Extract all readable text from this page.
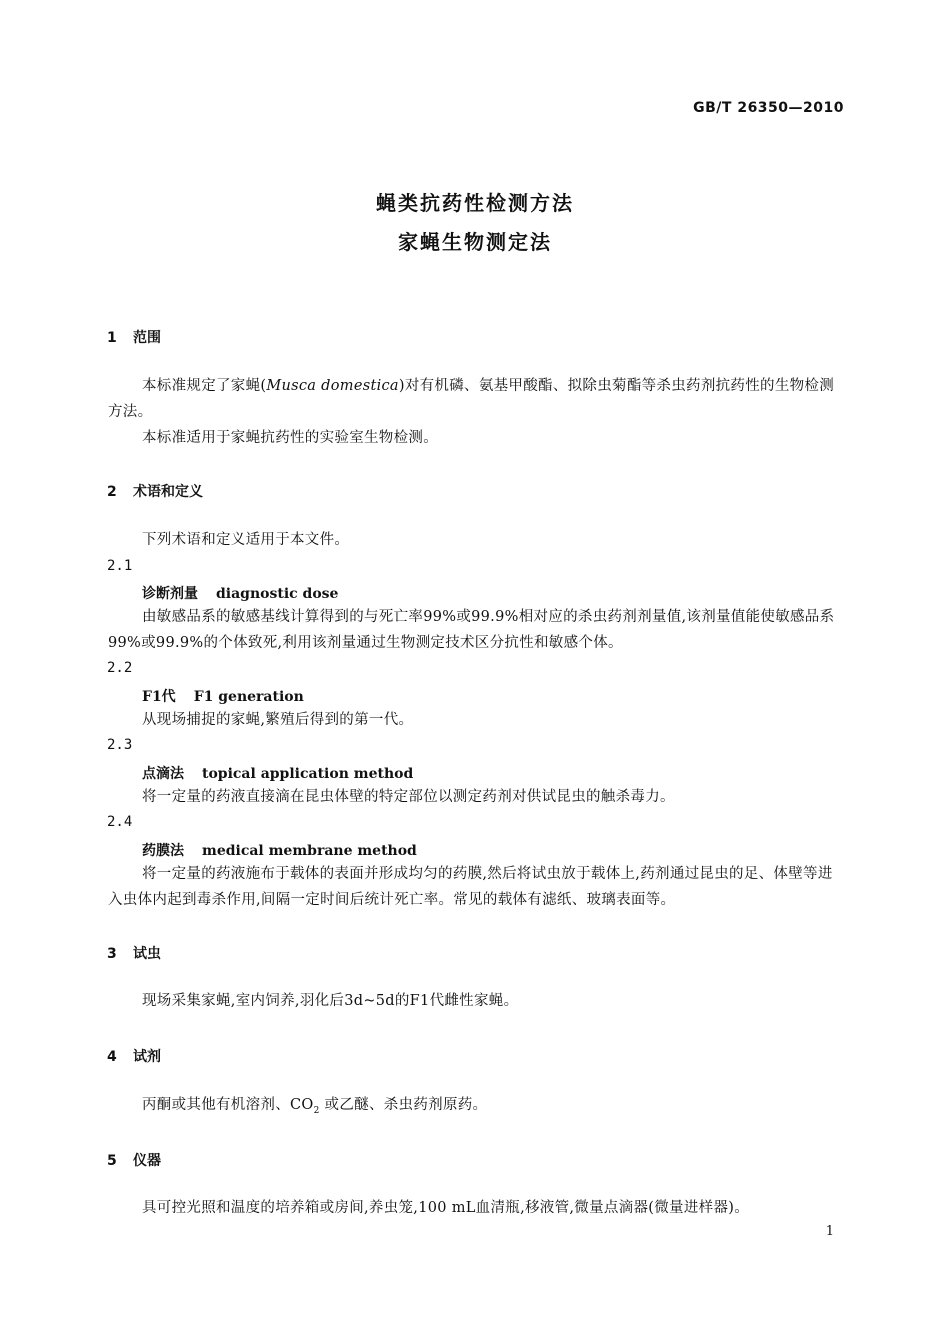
GB/T 26350—2010
蝇类抗药性检测方法
家蝇生物测定法
1 范围
本标准规定了家蝇(Musca domestica)对有机磷、氨基甲酸酯、拟除虫菊酯等杀虫药剂抗药性的生物检测方法。
本标准适用于家蝇抗药性的实验室生物检测。
2 术语和定义
下列术语和定义适用于本文件。
2.1
诊断剂量 diagnostic dose
由敏感品系的敏感基线计算得到的与死亡率99%或99.9%相对应的杀虫药剂剂量值,该剂量值能使敏感品系99%或99.9%的个体致死,利用该剂量通过生物测定技术区分抗性和敏感个体。
2.2
F1代 F1 generation
从现场捕捉的家蝇,繁殖后得到的第一代。
2.3
点滴法 topical application method
将一定量的药液直接滴在昆虫体壁的特定部位以测定药剂对供试昆虫的触杀毒力。
2.4
药膜法 medical membrane method
将一定量的药液施布于载体的表面并形成均匀的药膜,然后将试虫放于载体上,药剂通过昆虫的足、体壁等进入虫体内起到毒杀作用,间隔一定时间后统计死亡率。常见的载体有滤纸、玻璃表面等。
3 试虫
现场采集家蝇,室内饲养,羽化后3d~5d的F1代雌性家蝇。
4 试剂
丙酮或其他有机溶剂、$CO_2$ 或乙醚、杀虫药剂原药。
5 仪器
具可控光照和温度的培养箱或房间,养虫笼,100 mL血清瓶,移液管,微量点滴器(微量进样器)。
1
